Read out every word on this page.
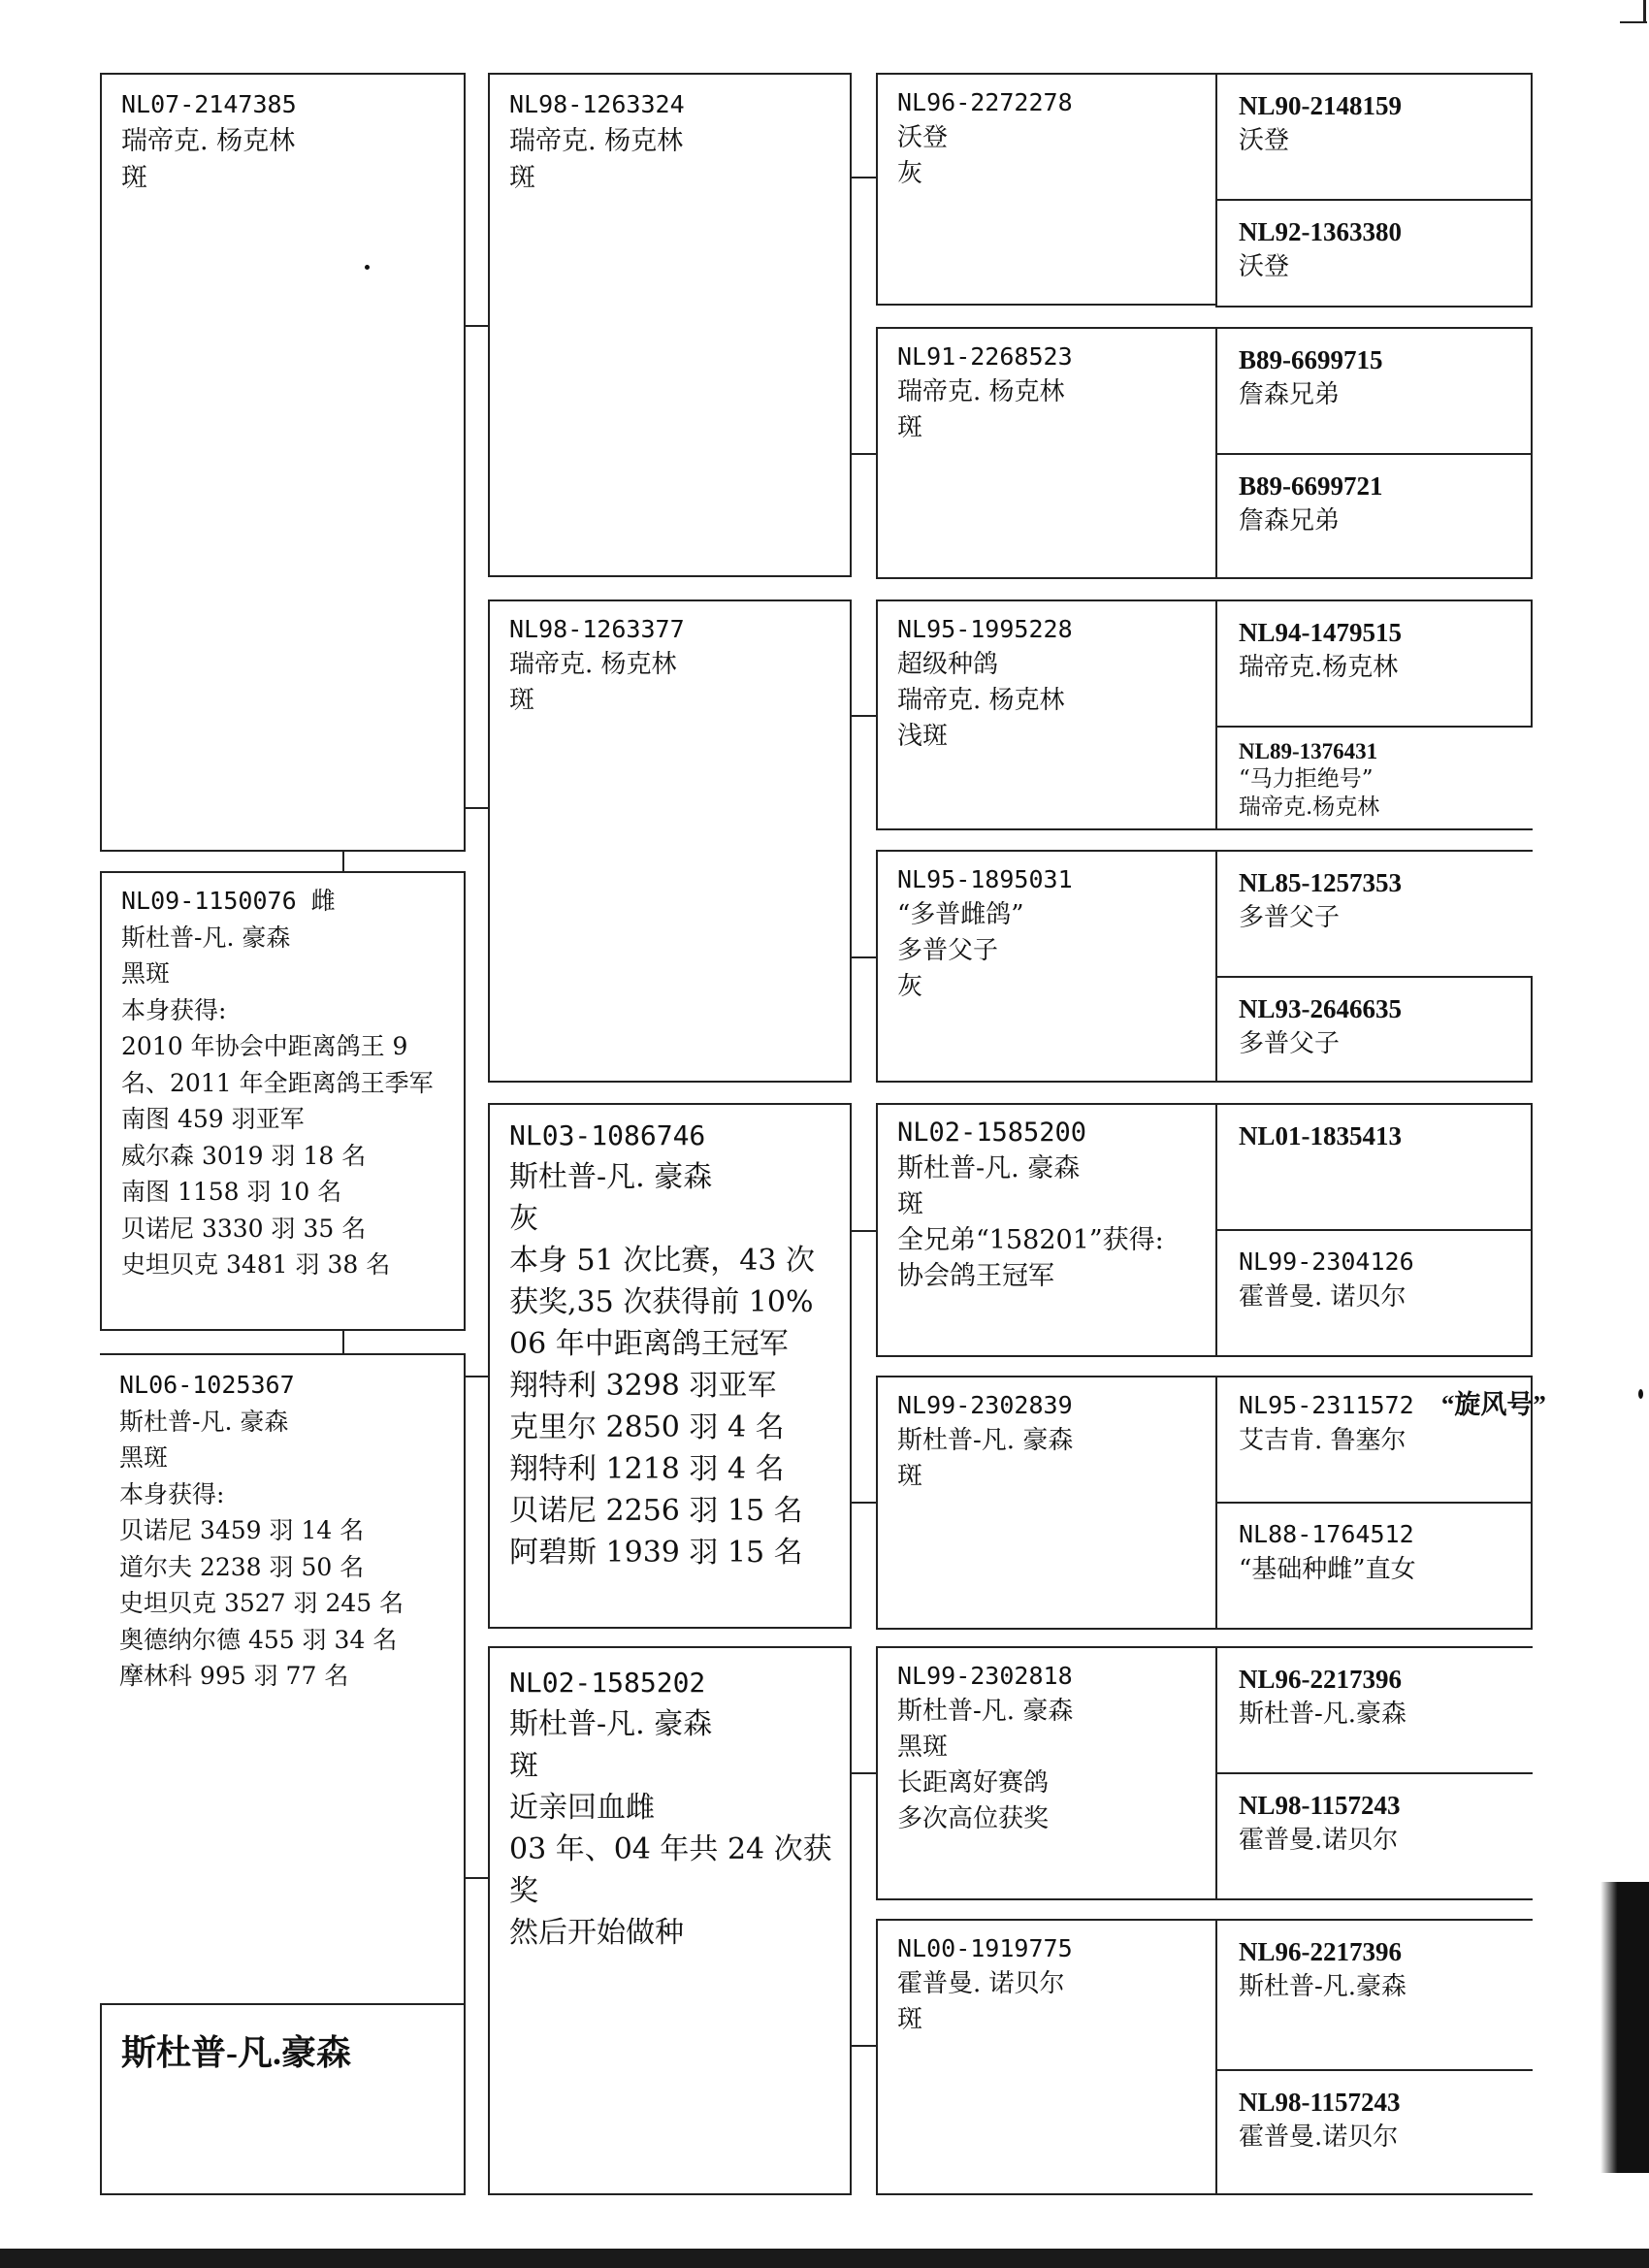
NL07-2147385
瑞帝克. 杨克林
斑
NL09-1150076 雌
斯杜普-凡. 豪森
黑斑
本身获得:
2010 年协会中距离鸽王 9 名、2011 年全距离鸽王季军
南图 459 羽亚军
威尔森 3019 羽 18 名
南图 1158 羽 10 名
贝诺尼 3330 羽 35 名
史坦贝克 3481 羽 38 名
NL06-1025367
斯杜普-凡. 豪森
黑斑
本身获得:
贝诺尼 3459 羽 14 名
道尔夫 2238 羽 50 名
史坦贝克 3527 羽 245 名
奥德纳尔德 455 羽 34 名
摩林科 995 羽 77 名
斯杜普-凡.豪森
NL98-1263324
瑞帝克. 杨克林
斑
NL98-1263377
瑞帝克. 杨克林
斑
NL03-1086746
斯杜普-凡. 豪森
灰
本身 51 次比赛，43 次获奖,35 次获得前 10%
06 年中距离鸽王冠军
翔特利 3298 羽亚军
克里尔 2850 羽 4 名
翔特利 1218 羽 4 名
贝诺尼 2256 羽 15 名
阿碧斯 1939 羽 15 名
NL02-1585202
斯杜普-凡. 豪森
斑
近亲回血雌
03 年、04 年共 24 次获奖
然后开始做种
NL96-2272278
沃登
灰
NL91-2268523
瑞帝克. 杨克林
斑
NL95-1995228
超级种鸽
瑞帝克. 杨克林
浅斑
NL95-1895031
“多普雌鸽”
多普父子
灰
NL02-1585200
斯杜普-凡. 豪森
斑
全兄弟“158201”获得:
协会鸽王冠军
NL99-2302839
斯杜普-凡. 豪森
斑
NL99-2302818
斯杜普-凡. 豪森
黑斑
长距离好赛鸽
多次高位获奖
NL00-1919775
霍普曼. 诺贝尔
斑
NL90-2148159
沃登
NL92-1363380
沃登
B89-6699715
詹森兄弟
B89-6699721
詹森兄弟
NL94-1479515
瑞帝克.杨克林
NL89-1376431
“马力拒绝号”
瑞帝克.杨克林
NL85-1257353
多普父子
NL93-2646635
多普父子
NL01-1835413
NL99-2304126
霍普曼. 诺贝尔
NL95-2311572 “旋风号”
艾吉肯. 鲁塞尔
NL88-1764512
“基础种雌”直女
NL96-2217396
斯杜普-凡.豪森
NL98-1157243
霍普曼.诺贝尔
NL96-2217396
斯杜普-凡.豪森
NL98-1157243
霍普曼.诺贝尔
